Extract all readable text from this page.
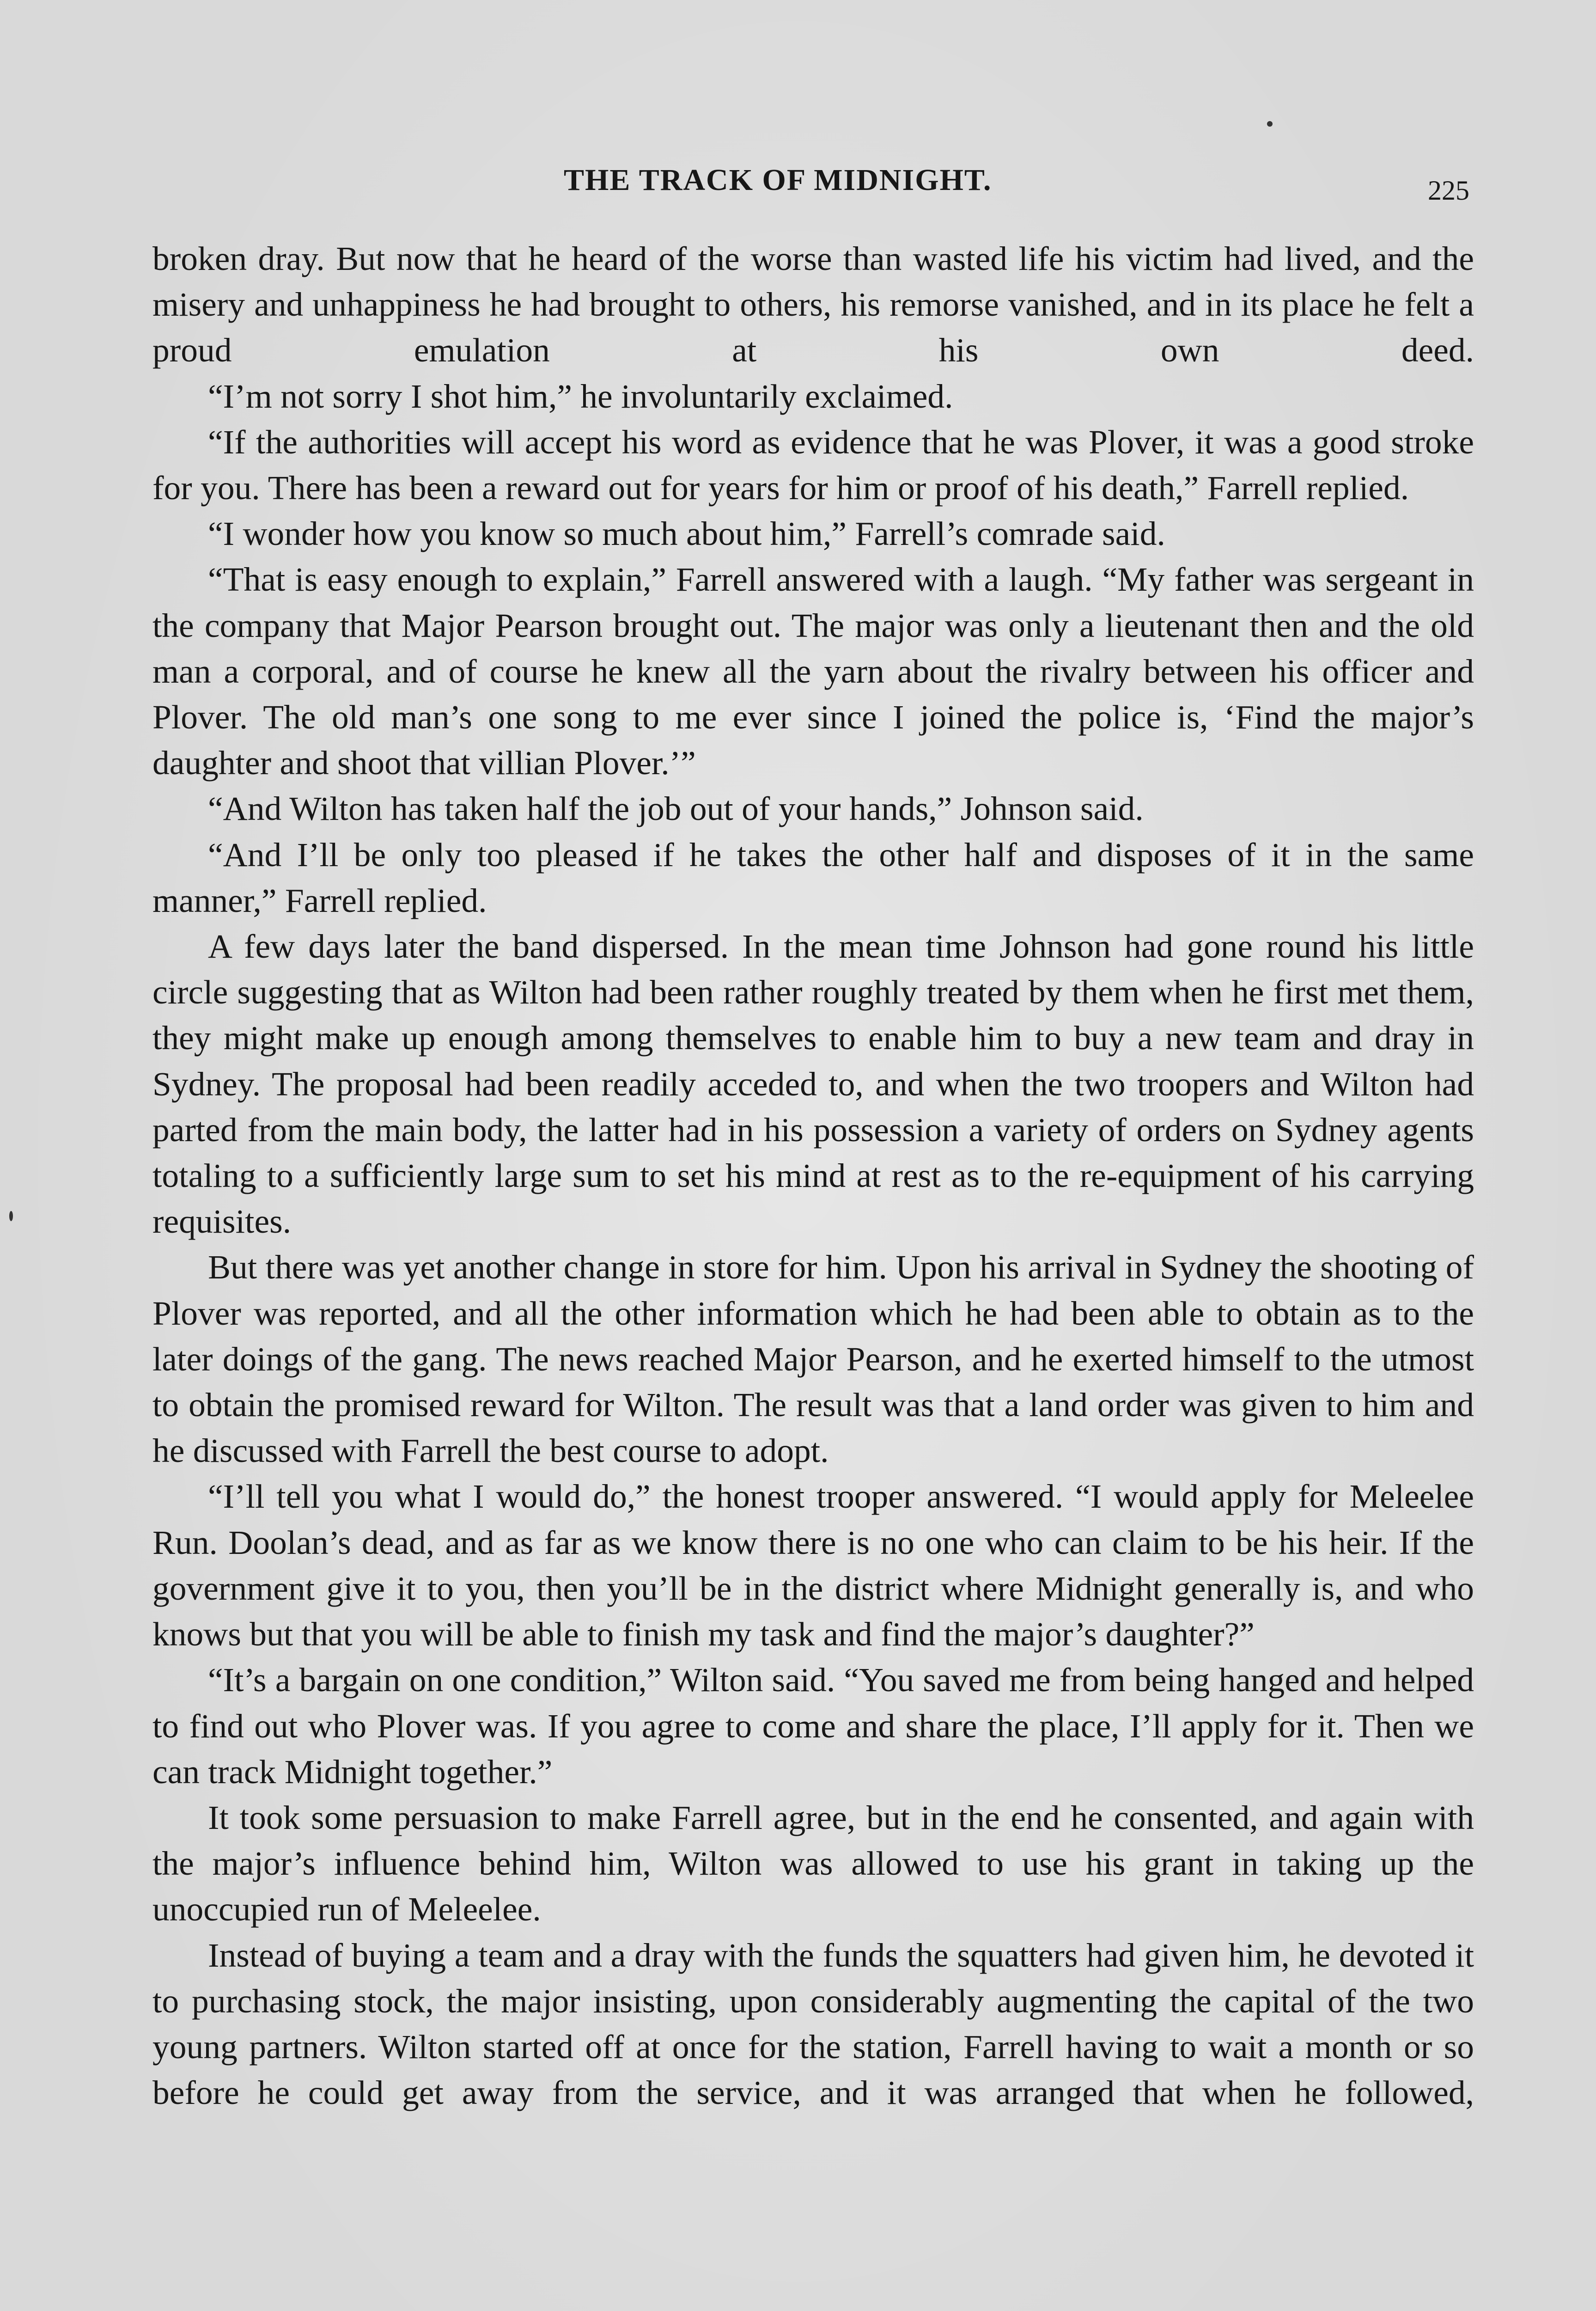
THE TRACK OF MIDNIGHT.	225

broken dray. But now that he heard of the worse than wasted life his victim had lived, and the misery and unhappiness he had brought to others, his remorse vanished, and in its place he felt a proud emulation at his own deed.

“I’m not sorry I shot him,” he involuntarily exclaimed.

“If the authorities will accept his word as evidence that he was Plover, it was a good stroke for you. There has been a reward out for years for him or proof of his death,” Farrell replied.

“I wonder how you know so much about him,” Farrell’s comrade said.

“That is easy enough to explain,” Farrell answered with a laugh. “My father was sergeant in the company that Major Pearson brought out. The major was only a lieutenant then and the old man a corporal, and of course he knew all the yarn about the rivalry between his officer and Plover. The old man’s one song to me ever since I joined the police is, ‘Find the major’s daughter and shoot that villian Plover.’”

“And Wilton has taken half the job out of your hands,” Johnson said.

“And I’ll be only too pleased if he takes the other half and disposes of it in the same manner,” Farrell replied.

A few days later the band dispersed. In the mean time Johnson had gone round his little circle suggesting that as Wilton had been rather roughly treated by them when he first met them, they might make up enough among themselves to enable him to buy a new team and dray in Sydney. The proposal had been readily acceded to, and when the two troopers and Wilton had parted from the main body, the latter had in his possession a variety of orders on Sydney agents totaling to a sufficiently large sum to set his mind at rest as to the re-equipment of his carrying requisites.

But there was yet another change in store for him. Upon his arrival in Sydney the shooting of Plover was reported, and all the other information which he had been able to obtain as to the later doings of the gang. The news reached Major Pearson, and he exerted himself to the utmost to obtain the promised reward for Wilton. The result was that a land order was given to him and he discussed with Farrell the best course to adopt.

“I’ll tell you what I would do,” the honest trooper answered. “I would apply for Meleelee Run. Doolan’s dead, and as far as we know there is no one who can claim to be his heir. If the government give it to you, then you’ll be in the district where Midnight generally is, and who knows but that you will be able to finish my task and find the major’s daughter?”

“It’s a bargain on one condition,” Wilton said. “You saved me from being hanged and helped to find out who Plover was. If you agree to come and share the place, I’ll apply for it. Then we can track Midnight together.”

It took some persuasion to make Farrell agree, but in the end he consented, and again with the major’s influence behind him, Wilton was allowed to use his grant in taking up the unoccupied run of Meleelee.

Instead of buying a team and a dray with the funds the squatters had given him, he devoted it to purchasing stock, the major insisting, upon considerably augmenting the capital of the two young partners. Wilton started off at once for the station, Farrell having to wait a month or so before he could get away from the service, and it was arranged that when he followed,
